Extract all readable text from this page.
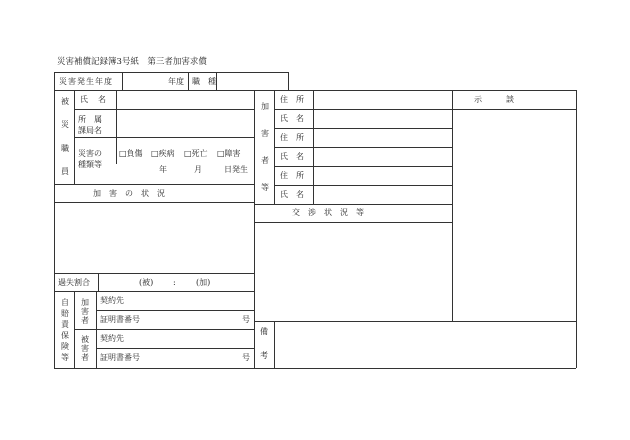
災害補償記録簿3号紙　第三者加害求償
災害発生年度	年度 職　種
被
災
職
員
氏　名
所　属
課局名
災害の
種類等
□負傷 □疾病 □死亡 □障害
年	月	日発生
加　害　の　状　況
過失割合	(被) :	(加)
自
賠
責
保
険
等
加
害
者
被
害
者
契約先
証明書番号	号
契約先
証明書番号	号
加
害
者
等
住　所
氏　名
住　所
氏　名
住　所
氏　名
交　渉　状　況　等
示　　　談
備
考
